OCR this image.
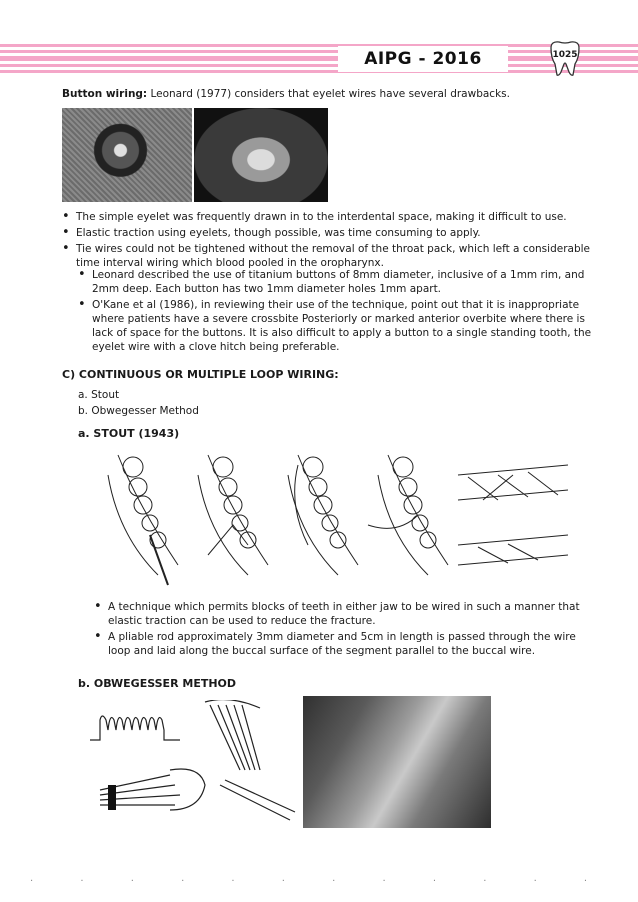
AIPG - 2016	1025
Button wiring: Leonard (1977) considers that eyelet wires have several drawbacks.
• The simple eyelet was frequently drawn in to the interdental space, making it difficult to use.
• Elastic traction using eyelets, though possible, was time consuming to apply.
• Tie wires could not be tightened without the removal of the throat pack, which left a considerable time interval wiring which blood pooled in the oropharynx.
• Leonard described the use of titanium buttons of 8mm diameter, inclusive of a 1mm rim, and 2mm deep. Each button has two 1mm diameter holes 1mm apart.
• O'Kane et al (1986), in reviewing their use of the technique, point out that it is inappropriate where patients have a severe crossbite Posteriorly or marked anterior overbite where there is lack of space for the buttons. It is also difficult to apply a button to a single standing tooth, the eyelet wire with a clove hitch being preferable.
C) CONTINUOUS OR MULTIPLE LOOP WIRING:
a. Stout
b. Obwegesser Method
a. STOUT (1943)
• A technique which permits blocks of teeth in either jaw to be wired in such a manner that elastic traction can be used to reduce the fracture.
• A pliable rod approximately 3mm diameter and 5cm in length is passed through the wire loop and laid along the buccal surface of the segment parallel to the buccal wire.
b. OBWEGESSER METHOD
· · · · · · · · · · · ·
